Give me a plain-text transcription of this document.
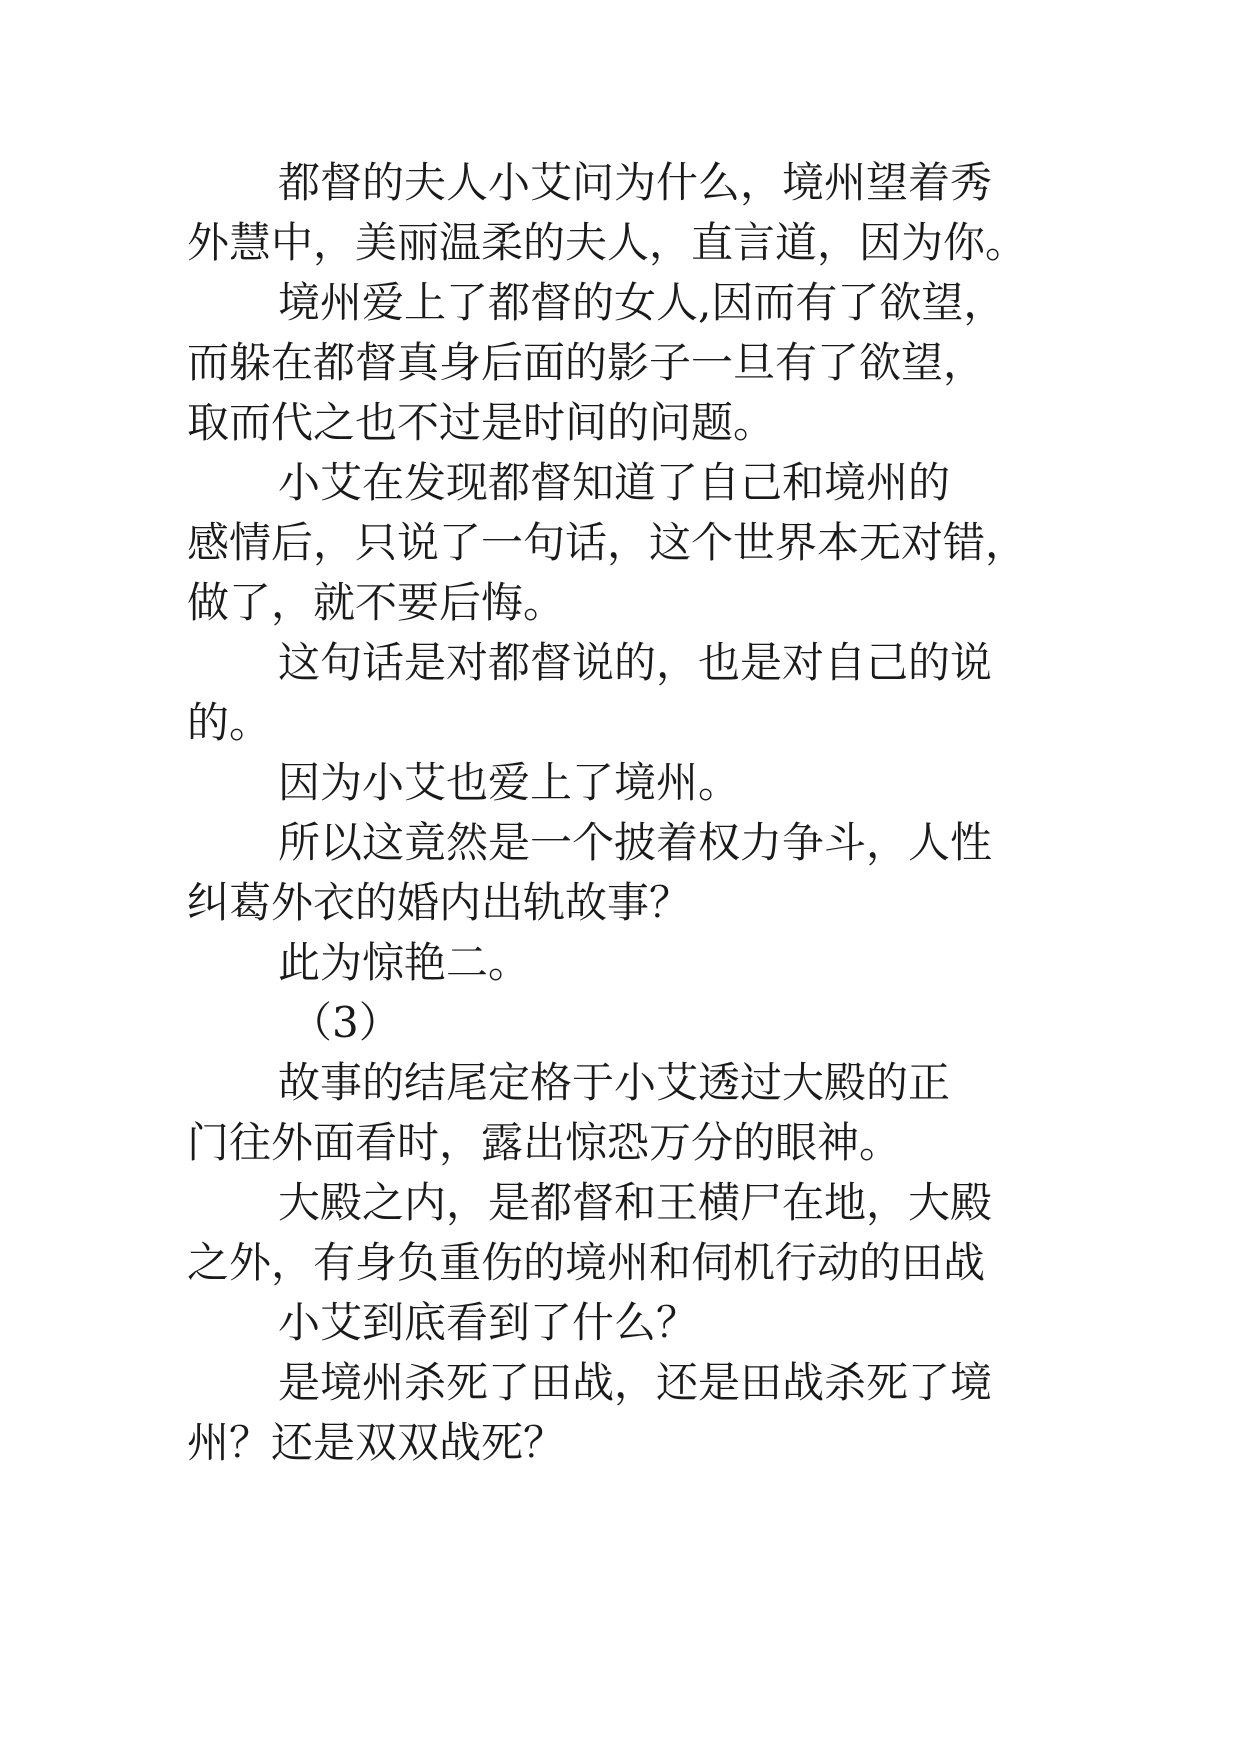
都督的夫人小艾问为什么，境州望着秀
外慧中，美丽温柔的夫人，直言道，因为你。
境州爱上了都督的女人,因而有了欲望，
而躲在都督真身后面的影子一旦有了欲望，
取而代之也不过是时间的问题。
小艾在发现都督知道了自己和境州的
感情后，只说了一句话，这个世界本无对错，
做了，就不要后悔。
这句话是对都督说的，也是对自己的说
的。
因为小艾也爱上了境州。
所以这竟然是一个披着权力争斗，人性
纠葛外衣的婚内出轨故事？
此为惊艳二。
（3）
故事的结尾定格于小艾透过大殿的正
门往外面看时，露出惊恐万分的眼神。
大殿之内，是都督和王横尸在地，大殿
之外，有身负重伤的境州和伺机行动的田战
小艾到底看到了什么？
是境州杀死了田战，还是田战杀死了境
州？还是双双战死？
